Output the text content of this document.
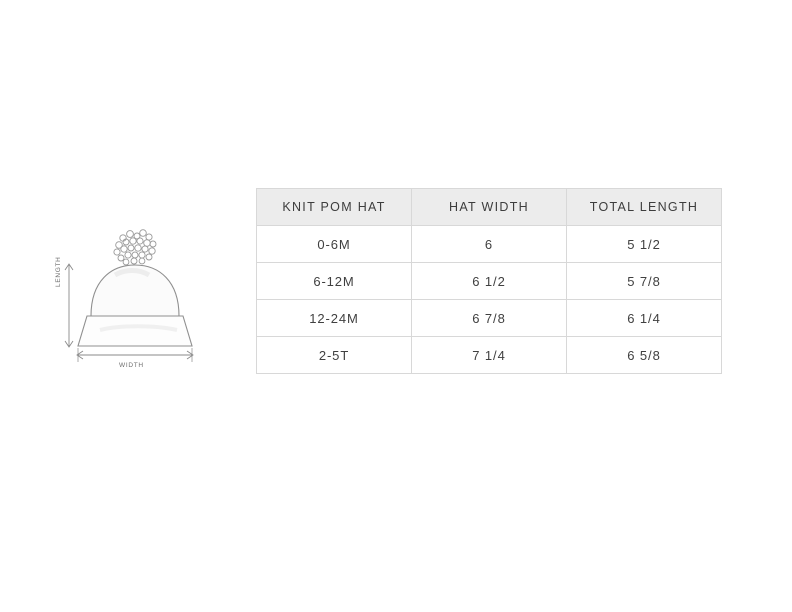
LENGTH
WIDTH
KNIT POM HAT	HAT WIDTH	TOTAL LENGTH
0-6M	6	5 1/2
6-12M	6 1/2	5 7/8
12-24M	6 7/8	6 1/4
2-5T	7 1/4	6 5/8
